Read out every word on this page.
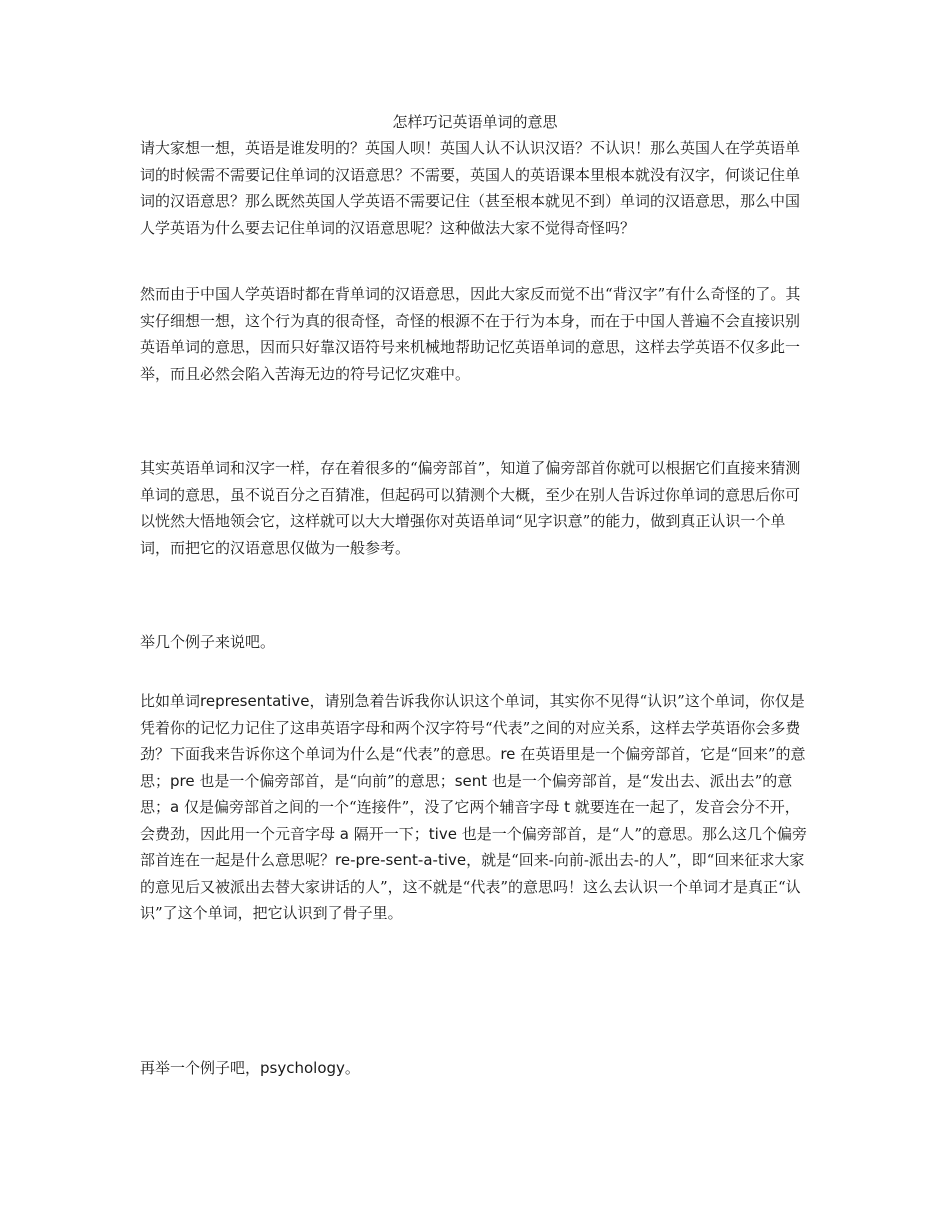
怎样巧记英语单词的意思

请大家想一想，英语是谁发明的？英国人呗！英国人认不认识汉语？不认识！那么英国人在学英语单词的时候需不需要记住单词的汉语意思？不需要，英国人的英语课本里根本就没有汉字，何谈记住单词的汉语意思？那么既然英国人学英语不需要记住（甚至根本就见不到）单词的汉语意思，那么中国人学英语为什么要去记住单词的汉语意思呢？这种做法大家不觉得奇怪吗？

然而由于中国人学英语时都在背单词的汉语意思，因此大家反而觉不出“背汉字”有什么奇怪的了。其实仔细想一想，这个行为真的很奇怪，奇怪的根源不在于行为本身，而在于中国人普遍不会直接识别英语单词的意思，因而只好靠汉语符号来机械地帮助记忆英语单词的意思，这样去学英语不仅多此一举，而且必然会陷入苦海无边的符号记忆灾难中。

其实英语单词和汉字一样，存在着很多的“偏旁部首”，知道了偏旁部首你就可以根据它们直接来猜测单词的意思，虽不说百分之百猜准，但起码可以猜测个大概，至少在别人告诉过你单词的意思后你可以恍然大悟地领会它，这样就可以大大增强你对英语单词“见字识意”的能力，做到真正认识一个单词，而把它的汉语意思仅做为一般参考。

举几个例子来说吧。

比如单词representative，请别急着告诉我你认识这个单词，其实你不见得“认识”这个单词，你仅是凭着你的记忆力记住了这串英语字母和两个汉字符号“代表”之间的对应关系，这样去学英语你会多费劲？下面我来告诉你这个单词为什么是“代表”的意思。re 在英语里是一个偏旁部首，它是“回来”的意思；pre 也是一个偏旁部首，是“向前”的意思；sent 也是一个偏旁部首，是“发出去、派出去”的意思；a 仅是偏旁部首之间的一个“连接件”，没了它两个辅音字母 t 就要连在一起了，发音会分不开，会费劲，因此用一个元音字母 a 隔开一下；tive 也是一个偏旁部首，是“人”的意思。那么这几个偏旁部首连在一起是什么意思呢？re-pre-sent-a-tive，就是“回来-向前-派出去-的人”，即“回来征求大家的意见后又被派出去替大家讲话的人”，这不就是“代表”的意思吗！这么去认识一个单词才是真正“认识”了这个单词，把它认识到了骨子里。

再举一个例子吧，psychology。
